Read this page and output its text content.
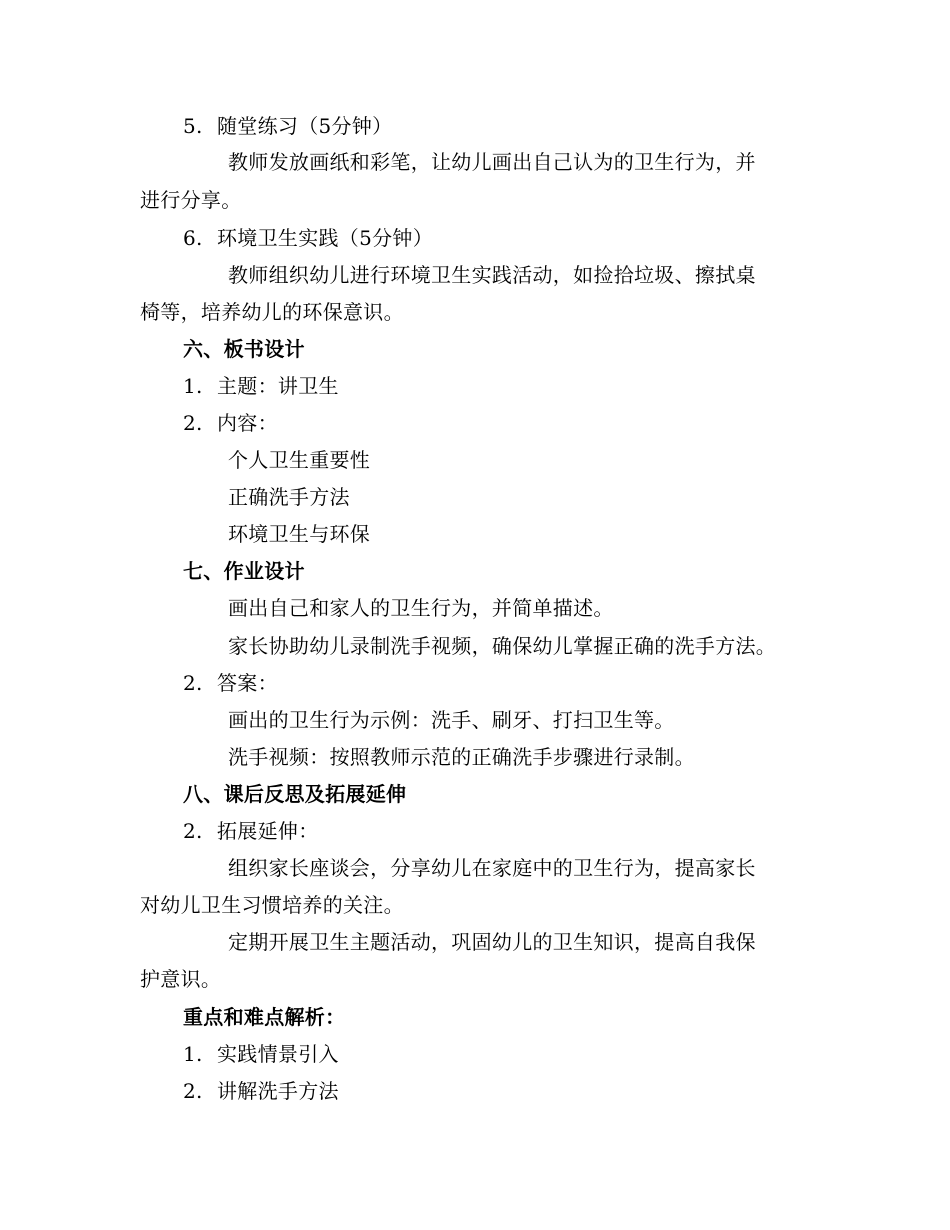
5. 随堂练习（5分钟）
教师发放画纸和彩笔，让幼儿画出自己认为的卫生行为，并
进行分享。
6. 环境卫生实践（5分钟）
教师组织幼儿进行环境卫生实践活动，如捡拾垃圾、擦拭桌
椅等，培养幼儿的环保意识。
六、板书设计
1. 主题：讲卫生
2. 内容：
个人卫生重要性
正确洗手方法
环境卫生与环保
七、作业设计
画出自己和家人的卫生行为，并简单描述。
家长协助幼儿录制洗手视频，确保幼儿掌握正确的洗手方法。
2. 答案：
画出的卫生行为示例：洗手、刷牙、打扫卫生等。
洗手视频：按照教师示范的正确洗手步骤进行录制。
八、课后反思及拓展延伸
2. 拓展延伸：
组织家长座谈会，分享幼儿在家庭中的卫生行为，提高家长
对幼儿卫生习惯培养的关注。
定期开展卫生主题活动，巩固幼儿的卫生知识，提高自我保
护意识。
重点和难点解析：
1. 实践情景引入
2. 讲解洗手方法
